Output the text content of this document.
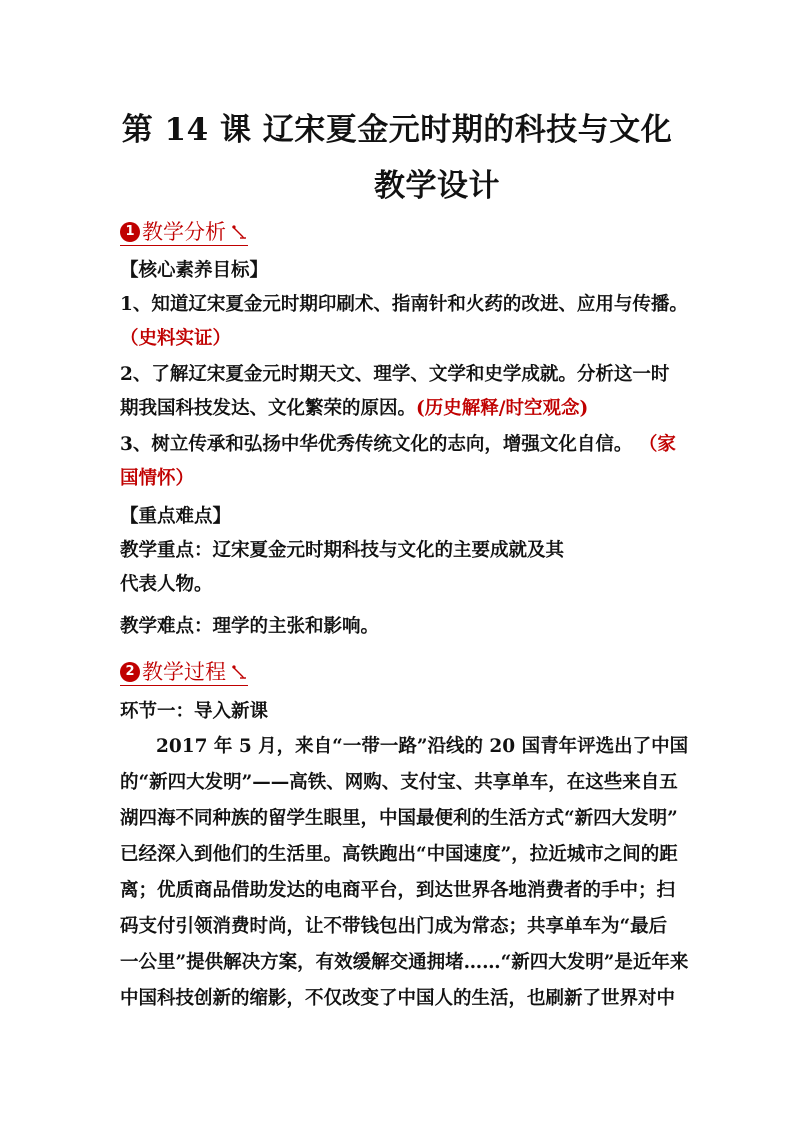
第 14 课 辽宋夏金元时期的科技与文化
教学设计
1 教学分析
【核心素养目标】
1、知道辽宋夏金元时期印刷术、指南针和火药的改进、应用与传播。
（史料实证）
2、了解辽宋夏金元时期天文、理学、文学和史学成就。分析这一时
期我国科技发达、文化繁荣的原因。(历史解释/时空观念)
3、树立传承和弘扬中华优秀传统文化的志向，增强文化自信。 （家
国情怀）
【重点难点】
教学重点：辽宋夏金元时期科技与文化的主要成就及其
代表人物。
教学难点：理学的主张和影响。
2 教学过程
环节一：导入新课
2017 年 5 月，来自“一带一路”沿线的 20 国青年评选出了中国
的“新四大发明”——高铁、网购、支付宝、共享单车，在这些来自五
湖四海不同种族的留学生眼里，中国最便利的生活方式“新四大发明”
已经深入到他们的生活里。高铁跑出“中国速度”，拉近城市之间的距
离；优质商品借助发达的电商平台，到达世界各地消费者的手中；扫
码支付引领消费时尚，让不带钱包出门成为常态；共享单车为“最后
一公里”提供解决方案，有效缓解交通拥堵……“新四大发明”是近年来
中国科技创新的缩影，不仅改变了中国人的生活，也刷新了世界对中
